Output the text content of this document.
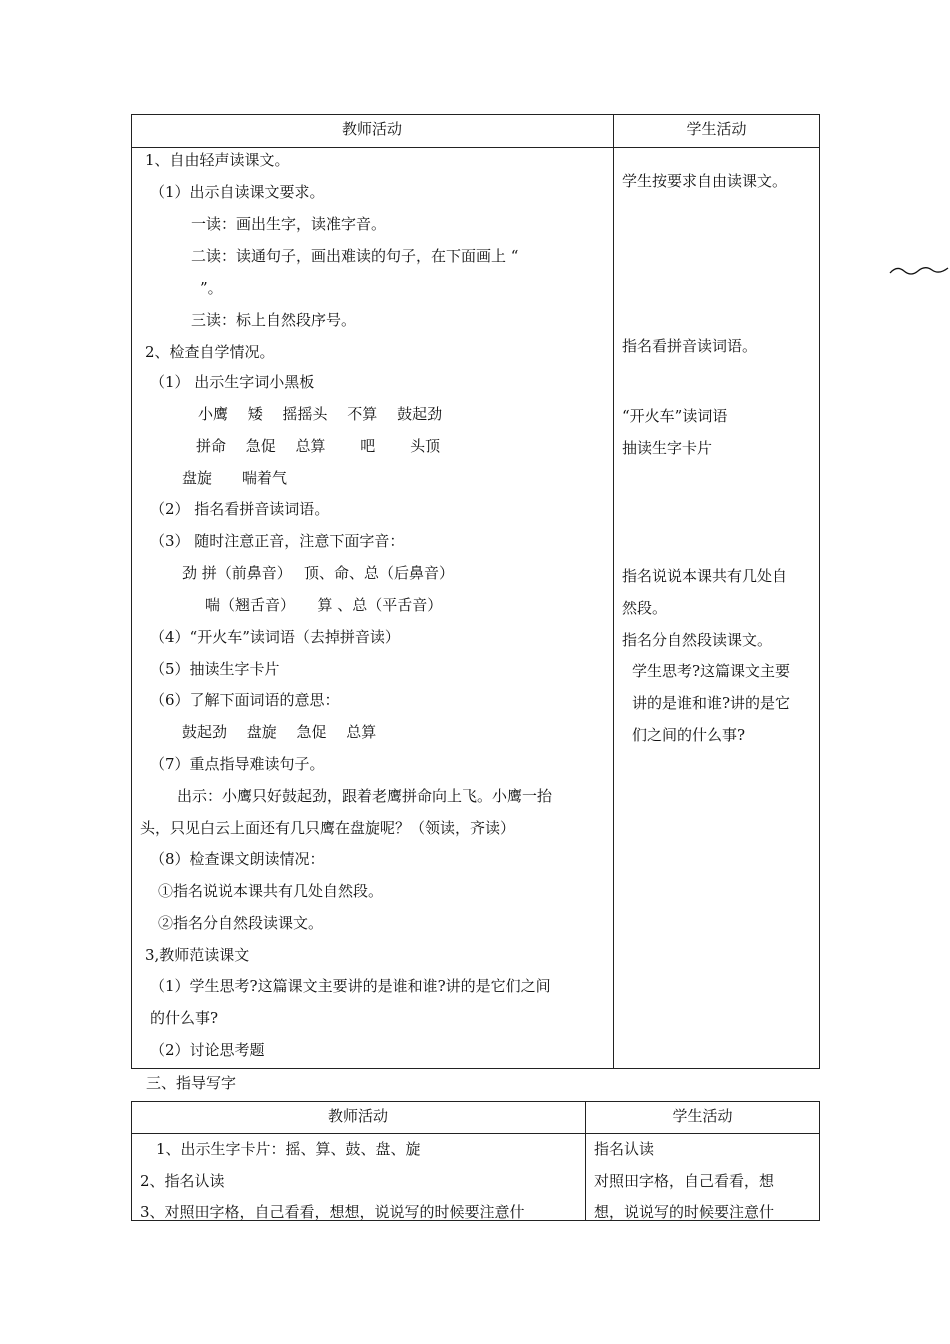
教师活动	学生活动
1、自由轻声读课文。
（1）出示自读课文要求。
一读：画出生字，读准字音。
二读：读通句子，画出难读的句子，在下面画上 “
”。
三读：标上自然段序号。
2、检查自学情况。
（1） 出示生字词小黑板
小鹰　 矮　 摇摇头　 不算　 鼓起劲
拼命　 急促　 总算　　 吧　　 头顶
盘旋　　喘着气
（2） 指名看拼音读词语。
（3） 随时注意正音，注意下面字音：
劲 拼（前鼻音）　 顶、命、总（后鼻音）
喘（翘舌音）　　算 、总（平舌音）
（4）“开火车”读词语（去掉拼音读）
（5）抽读生字卡片
（6）了解下面词语的意思：
鼓起劲　 盘旋　 急促　 总算
（7）重点指导难读句子。
出示：小鹰只好鼓起劲，跟着老鹰拼命向上飞。小鹰一抬
头，只见白云上面还有几只鹰在盘旋呢？（领读，齐读）
（8）检查课文朗读情况：
①指名说说本课共有几处自然段。
②指名分自然段读课文。
3,教师范读课文
（1）学生思考?这篇课文主要讲的是谁和谁?讲的是它们之间
的什么事?
（2）讨论思考题
学生按要求自由读课文。
指名看拼音读词语。
“开火车”读词语
抽读生字卡片
指名说说本课共有几处自
然段。
指名分自然段读课文。
学生思考?这篇课文主要
讲的是谁和谁?讲的是它
们之间的什么事?
三、指导写字
教师活动	学生活动
1、出示生字卡片：摇、算、鼓、盘、旋
2、指名认读
3、对照田字格，自己看看，想想，说说写的时候要注意什
指名认读
对照田字格，自己看看，想
想，说说写的时候要注意什
